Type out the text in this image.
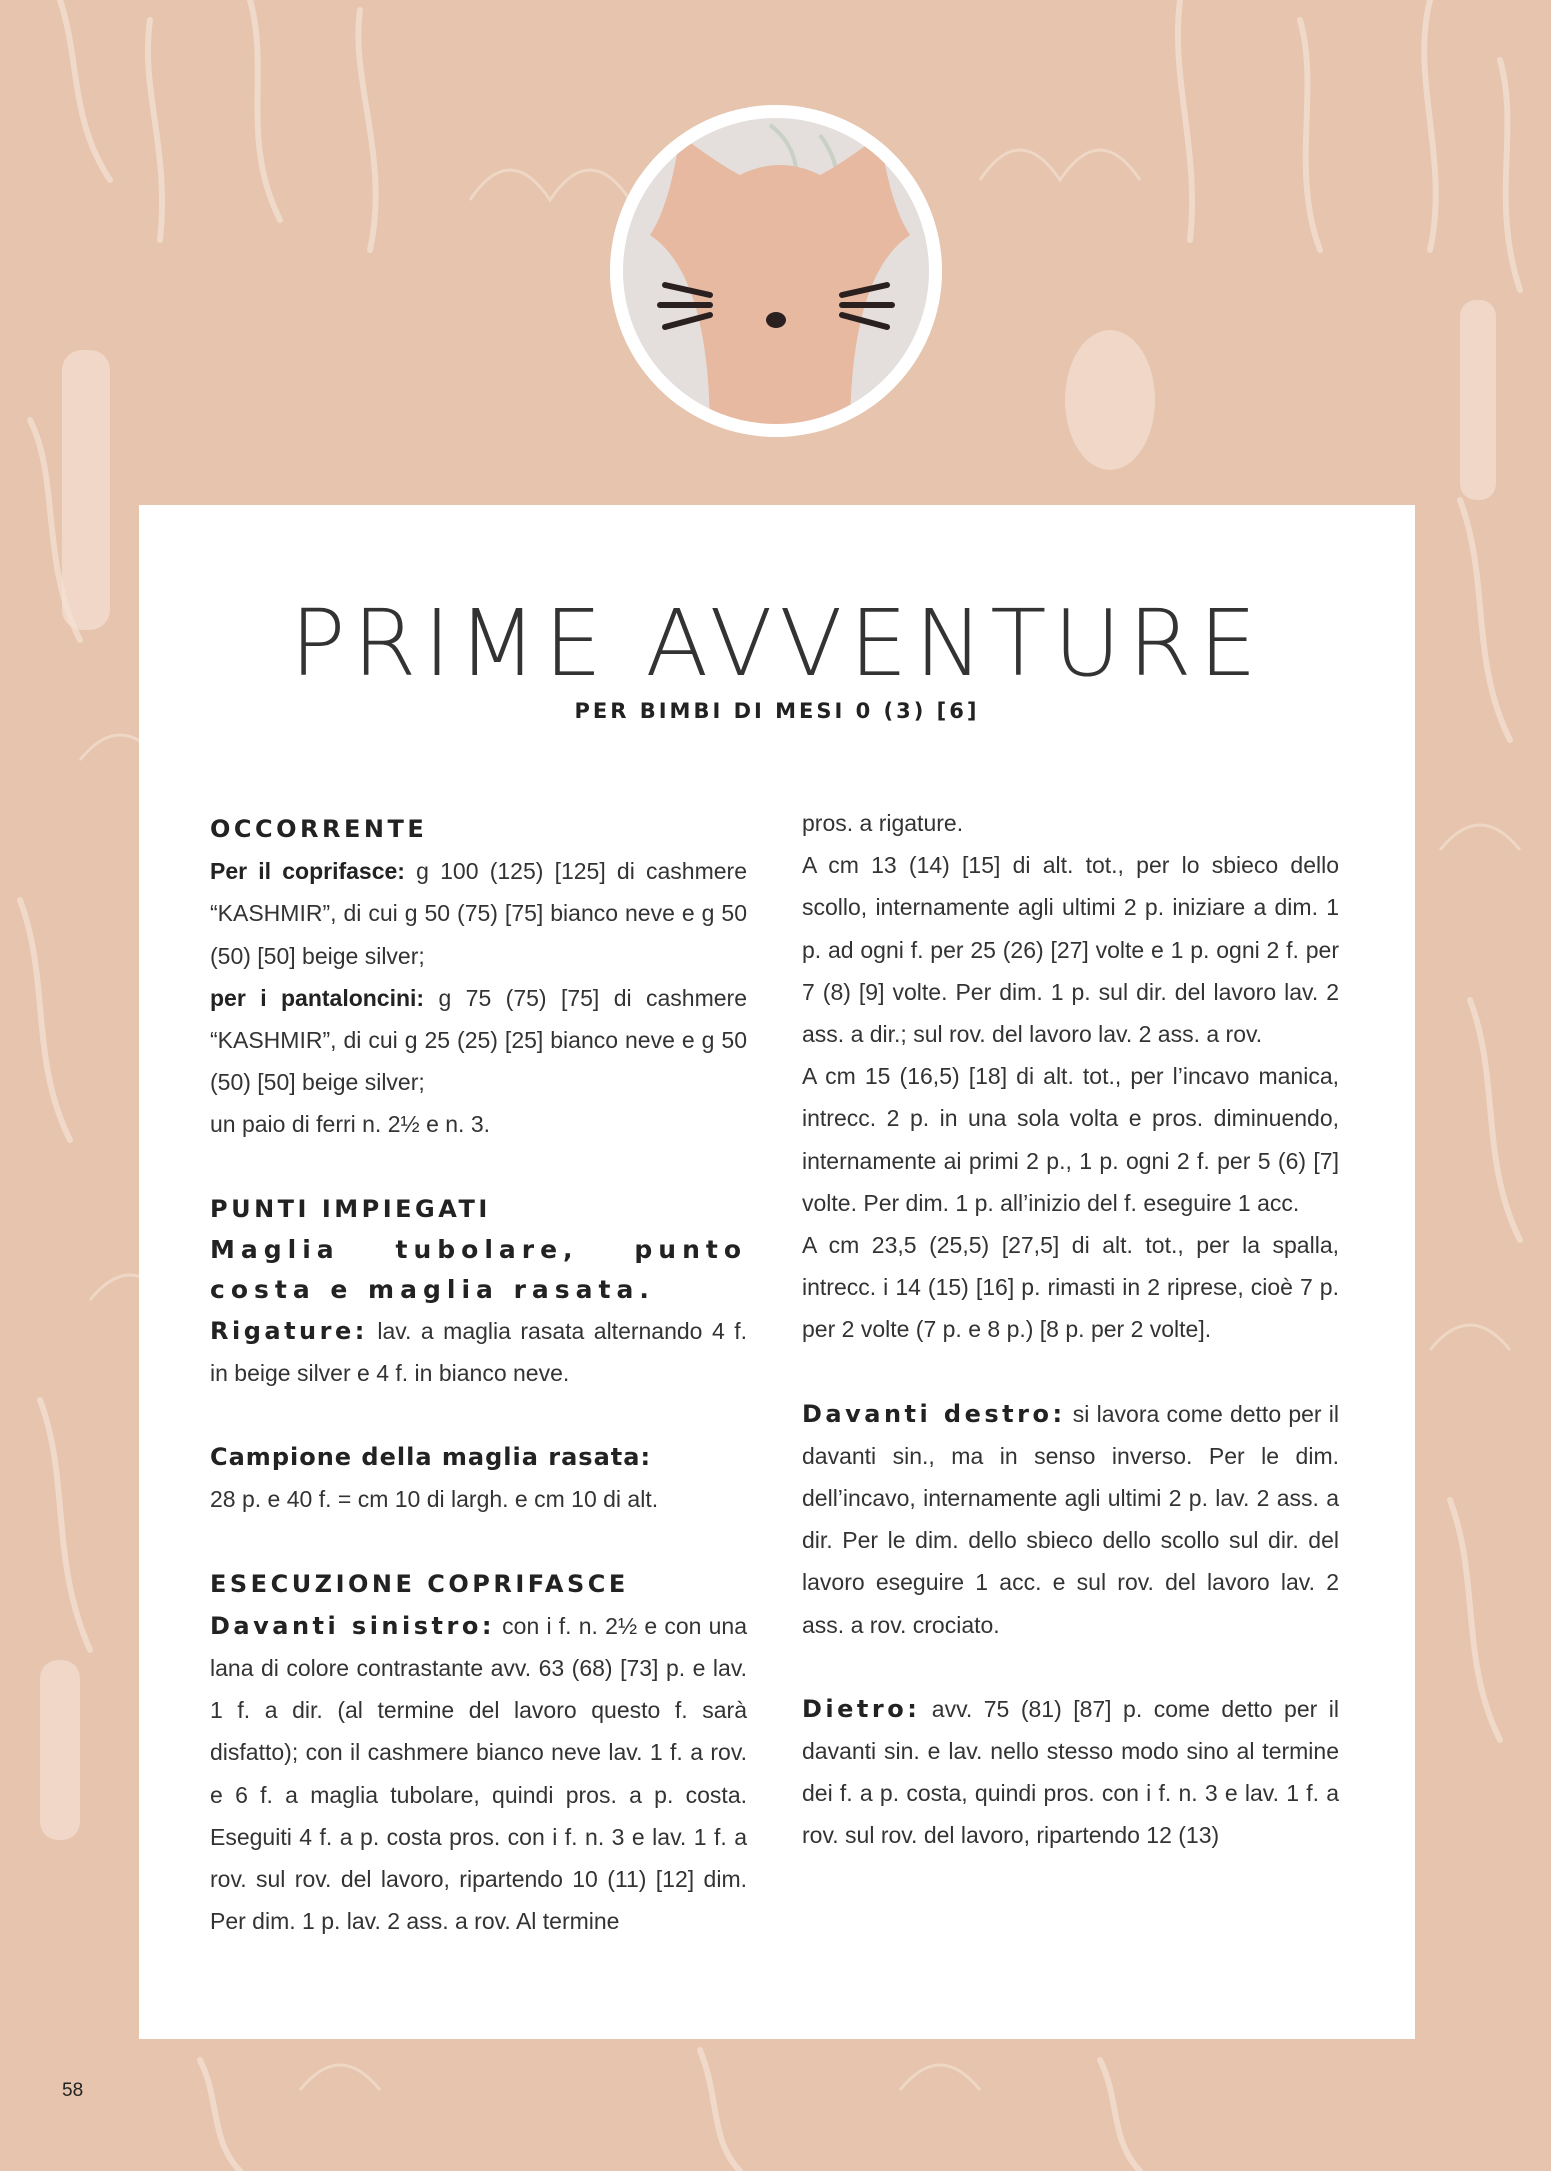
PRIME AVVENTURE
PER BIMBI DI MESI 0 (3) [6]

OCCORRENTE

Per il coprifasce: g 100 (125) [125] di cashmere “KASHMIR”, di cui g 50 (75) [75] bianco neve e g 50 (50) [50] beige silver;

per i pantaloncini: g 75 (75) [75] di cashmere “KASHMIR”, di cui g 25 (25) [25] bianco neve e g 50 (50) [50] beige silver;

un paio di ferri n. 2½ e n. 3.

PUNTI IMPIEGATI

Maglia tubolare, punto costa e maglia rasata.

Rigature: lav. a maglia rasata alternando 4 f. in beige silver e 4 f. in bianco neve.

Campione della maglia rasata:

28 p. e 40 f. = cm 10 di largh. e cm 10 di alt.

ESECUZIONE COPRIFASCE

Davanti sinistro: con i f. n. 2½ e con una lana di colore contrastante avv. 63 (68) [73] p. e lav. 1 f. a dir. (al termine del lavoro questo f. sarà disfatto); con il cashmere bianco neve lav. 1 f. a rov. e 6 f. a maglia tubolare, quindi pros. a p. costa. Eseguiti 4 f. a p. costa pros. con i f. n. 3 e lav. 1 f. a rov. sul rov. del lavoro, ripartendo 10 (11) [12] dim. Per dim. 1 p. lav. 2 ass. a rov. Al termine

pros. a rigature.

A cm 13 (14) [15] di alt. tot., per lo sbieco dello scollo, internamente agli ultimi 2 p. iniziare a dim. 1 p. ad ogni f. per 25 (26) [27] volte e 1 p. ogni 2 f. per 7 (8) [9] volte. Per dim. 1 p. sul dir. del lavoro lav. 2 ass. a dir.; sul rov. del lavoro lav. 2 ass. a rov.

A cm 15 (16,5) [18] di alt. tot., per l’incavo manica, intrecc. 2 p. in una sola volta e pros. diminuendo, internamente ai primi 2 p., 1 p. ogni 2 f. per 5 (6) [7] volte. Per dim. 1 p. all’inizio del f. eseguire 1 acc.

A cm 23,5 (25,5) [27,5] di alt. tot., per la spalla, intrecc. i 14 (15) [16] p. rimasti in 2 riprese, cioè 7 p. per 2 volte (7 p. e 8 p.) [8 p. per 2 volte].

Davanti destro: si lavora come detto per il davanti sin., ma in senso inverso. Per le dim. dell’incavo, internamente agli ultimi 2 p. lav. 2 ass. a dir. Per le dim. dello sbieco dello scollo sul dir. del lavoro eseguire 1 acc. e sul rov. del lavoro lav. 2 ass. a rov. crociato.

Dietro: avv. 75 (81) [87] p. come detto per il davanti sin. e lav. nello stesso modo sino al termine dei f. a p. costa, quindi pros. con i f. n. 3 e lav. 1 f. a rov. sul rov. del lavoro, ripartendo 12 (13)

58
